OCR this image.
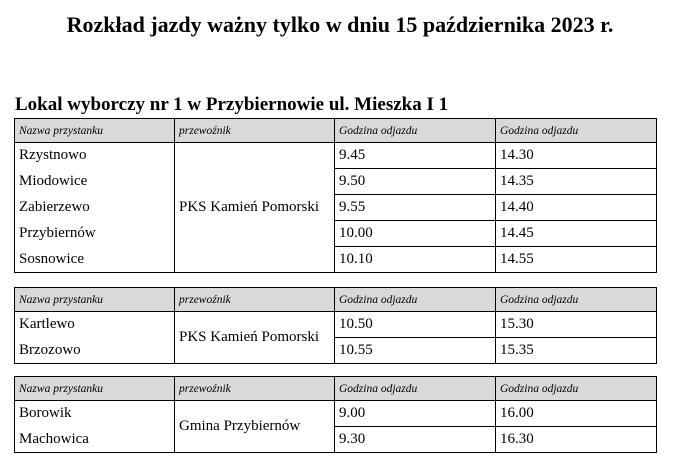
Rozkład jazdy ważny tylko w dniu 15 października 2023 r.
Lokal wyborczy nr 1 w Przybiernowie ul. Mieszka I 1
Nazwa przystanku	przewoźnik	Godzina odjazdu	Godzina odjazdu
Rzystnowo	PKS Kamień Pomorski	9.45	14.30
Miodowice		9.50	14.35
Zabierzewo		9.55	14.40
Przybiernów		10.00	14.45
Sosnowice		10.10	14.55
Nazwa przystanku	przewoźnik	Godzina odjazdu	Godzina odjazdu
Kartlewo	PKS Kamień Pomorski	10.50	15.30
Brzozowo		10.55	15.35
Nazwa przystanku	przewoźnik	Godzina odjazdu	Godzina odjazdu
Borowik	Gmina Przybiernów	9.00	16.00
Machowica		9.30	16.30
